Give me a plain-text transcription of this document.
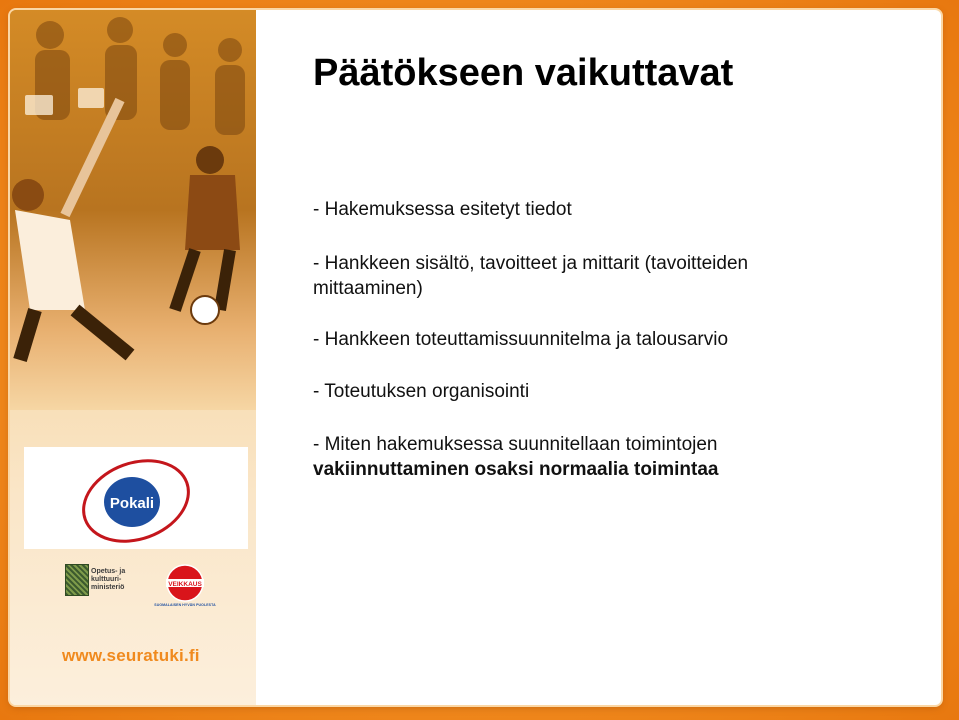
Pokali
Opetus- ja
kulttuuri-
ministeriö	VEIKKAUS
SUOMALAISEN HYVÄN PUOLESTA
www.seuratuki.fi
Päätökseen vaikuttavat
- Hakemuksessa esitetyt tiedot
- Hankkeen sisältö, tavoitteet ja mittarit (tavoitteiden
mittaaminen)
- Hankkeen toteuttamissuunnitelma ja talousarvio
- Toteutuksen organisointi
- Miten hakemuksessa suunnitellaan toimintojen
vakiinnuttaminen osaksi normaalia toimintaa
